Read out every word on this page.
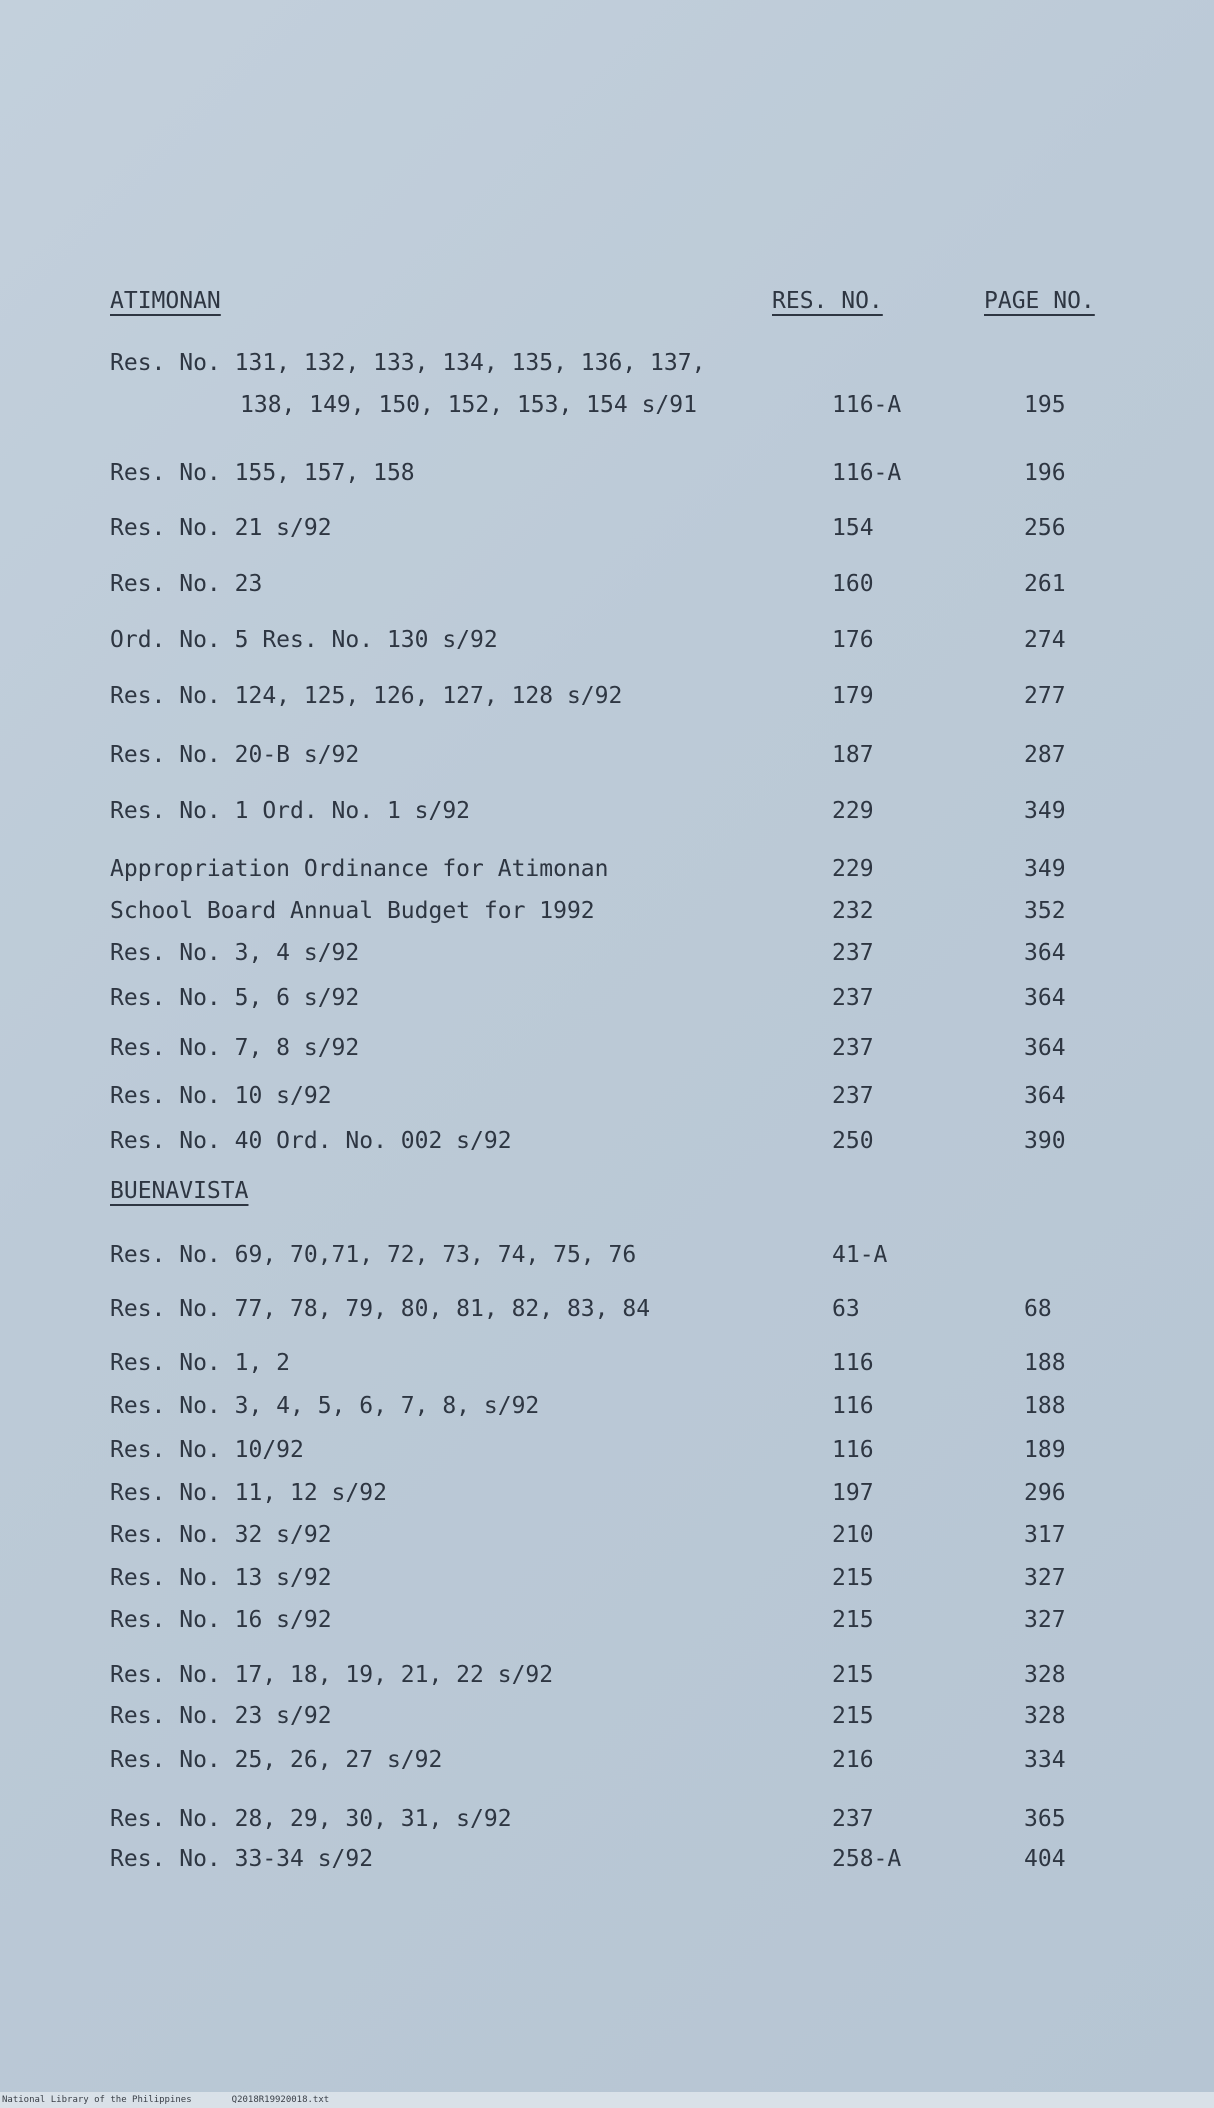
ATIMONAN	RES. NO.	PAGE NO.
Res. No. 131, 132, 133, 134, 135, 136, 137,
138, 149, 150, 152, 153, 154 s/91	116-A	195
Res. No. 155, 157, 158	116-A	196
Res. No. 21 s/92	154	256
Res. No. 23	160	261
Ord. No. 5 Res. No. 130 s/92	176	274
Res. No. 124, 125, 126, 127, 128 s/92	179	277
Res. No. 20-B s/92	187	287
Res. No. 1 Ord. No. 1 s/92	229	349
Appropriation Ordinance for Atimonan	229	349
School Board Annual Budget for 1992	232	352
Res. No. 3, 4 s/92	237	364
Res. No. 5, 6 s/92	237	364
Res. No. 7, 8 s/92	237	364
Res. No. 10 s/92	237	364
Res. No. 40 Ord. No. 002 s/92	250	390
BUENAVISTA
Res. No. 69, 70,71, 72, 73, 74, 75, 76	41-A
Res. No. 77, 78, 79, 80, 81, 82, 83, 84	63	68
Res. No. 1, 2	116	188
Res. No. 3, 4, 5, 6, 7, 8, s/92	116	188
Res. No. 10/92	116	189
Res. No. 11, 12 s/92	197	296
Res. No. 32 s/92	210	317
Res. No. 13 s/92	215	327
Res. No. 16 s/92	215	327
Res. No. 17, 18, 19, 21, 22 s/92	215	328
Res. No. 23 s/92	215	328
Res. No. 25, 26, 27 s/92	216	334
Res. No. 28, 29, 30, 31, s/92	237	365
Res. No. 33-34 s/92	258-A	404
National Library of the Philippines	Q2018R19920018.txt
